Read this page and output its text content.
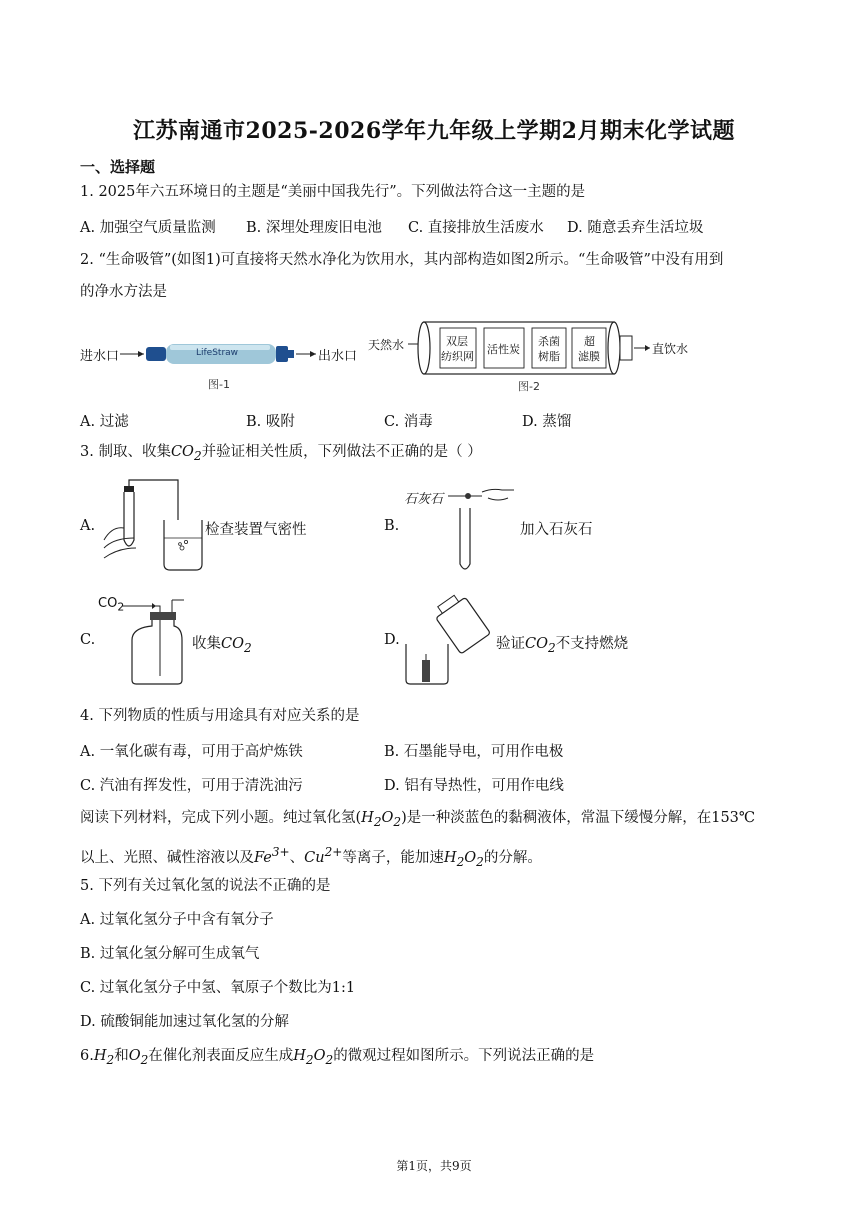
江苏南通市2025-2026学年九年级上学期2月期末化学试题
一、选择题
1. 2025年六五环境日的主题是“美丽中国我先行”。下列做法符合这一主题的是
A. 加强空气质量监测 B. 深埋处理废旧电池 C. 直接排放生活废水 D. 随意丢弃生活垃圾
2. “生命吸管”(如图1)可直接将天然水净化为饮用水，其内部构造如图2所示。“生命吸管”中没有用到
的净水方法是
进水口	出水口
LifeStraw
图-1
天然水	直饮水
双层
纺织网
活性炭
杀菌
树脂
超
滤膜
图-2
A. 过滤	B. 吸附	C. 消毒	D. 蒸馏
3. 制取、收集$CO_2$并验证相关性质，下列做法不正确的是（ ）
A.	检查装置气密性	B.
石灰石
加入石灰石
C.
$CO_2$
收集$CO_2$	D.	验证$CO_2$不支持燃烧
4. 下列物质的性质与用途具有对应关系的是
A. 一氧化碳有毒，可用于高炉炼铁	B. 石墨能导电，可用作电极
C. 汽油有挥发性，可用于清洗油污	D. 铝有导热性，可用作电线
阅读下列材料，完成下列小题。纯过氧化氢$(H_2O_2)$是一种淡蓝色的黏稠液体，常温下缓慢分解，在153℃
以上、光照、碱性溶液以及$Fe^{3+}$、$Cu^{2+}$等离子，能加速$H_2O_2$的分解。
5. 下列有关过氧化氢的说法不正确的是
A. 过氧化氢分子中含有氧分子
B. 过氧化氢分解可生成氧气
C. 过氧化氢分子中氢、氧原子个数比为1:1
D. 硫酸铜能加速过氧化氢的分解
$6.H_2$和$O_2$在催化剂表面反应生成$H_2O_2$的微观过程如图所示。下列说法正确的是
第1页，共9页
